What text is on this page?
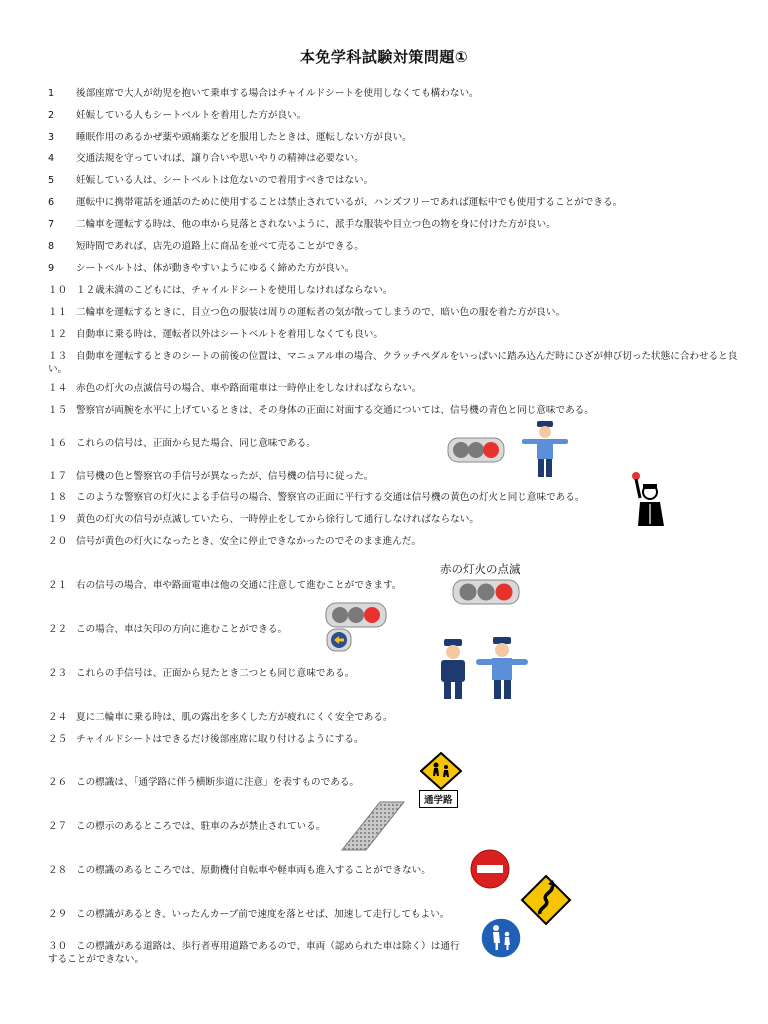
本免学科試験対策問題①
1 後部座席で大人が幼児を抱いて乗車する場合はチャイルドシートを使用しなくても構わない。
2 妊娠している人もシートベルトを着用した方が良い。
3 睡眠作用のあるかぜ薬や頭痛薬などを服用したときは、運転しない方が良い。
4 交通法規を守っていれば、譲り合いや思いやりの精神は必要ない。
5 妊娠している人は、シートベルトは危ないので着用すべきではない。
6 運転中に携帯電話を通話のために使用することは禁止されているが、ハンズフリーであれば運転中でも使用することができる。
7 二輪車を運転する時は、他の車から見落とされないように、派手な服装や目立つ色の物を身に付けた方が良い。
8 短時間であれば、店先の道路上に商品を並べて売ることができる。
9 シートベルトは、体が動きやすいようにゆるく締めた方が良い。
１０ １２歳未満のこどもには、チャイルドシートを使用しなければならない。
１１ 二輪車を運転するときに、目立つ色の服装は周りの運転者の気が散ってしまうので、暗い色の服を着た方が良い。
１２ 自動車に乗る時は、運転者以外はシートベルトを着用しなくても良い。
１３ 自動車を運転するときのシートの前後の位置は、マニュアル車の場合、クラッチペダルをいっぱいに踏み込んだ時にひざが伸び切った状態に合わせると良い。
１４ 赤色の灯火の点滅信号の場合、車や路面電車は一時停止をしなければならない。
１５ 警察官が両腕を水平に上げているときは、その身体の正面に対面する交通については、信号機の青色と同じ意味である。
１６ これらの信号は、正面から見た場合、同じ意味である。
１７ 信号機の色と警察官の手信号が異なったが、信号機の信号に従った。
１８ このような警察官の灯火による手信号の場合、警察官の正面に平行する交通は信号機の黄色の灯火と同じ意味である。
１９ 黄色の灯火の信号が点滅していたら、一時停止をしてから徐行して通行しなければならない。
２０ 信号が黄色の灯火になったとき、安全に停止できなかったのでそのまま進んだ。
２１ 右の信号の場合、車や路面電車は他の交通に注意して進むことができます。
２２ この場合、車は矢印の方向に進むことができる。
２３ これらの手信号は、正面から見たとき二つとも同じ意味である。
２４ 夏に二輪車に乗る時は、肌の露出を多くした方が疲れにくく安全である。
２５ チャイルドシートはできるだけ後部座席に取り付けるようにする。
２６ この標識は、「通学路に伴う横断歩道に注意」を表すものである。
２７ この標示のあるところでは、駐車のみが禁止されている。
２８ この標識のあるところでは、原動機付自転車や軽車両も進入することができない。
２９ この標識があるとき、いったんカーブ前で速度を落とせば、加速して走行してもよい。
３０ この標識がある道路は、歩行者専用道路であるので、車両（認められた車は除く）は通行することができない。
赤の灯火の点滅
通学路
